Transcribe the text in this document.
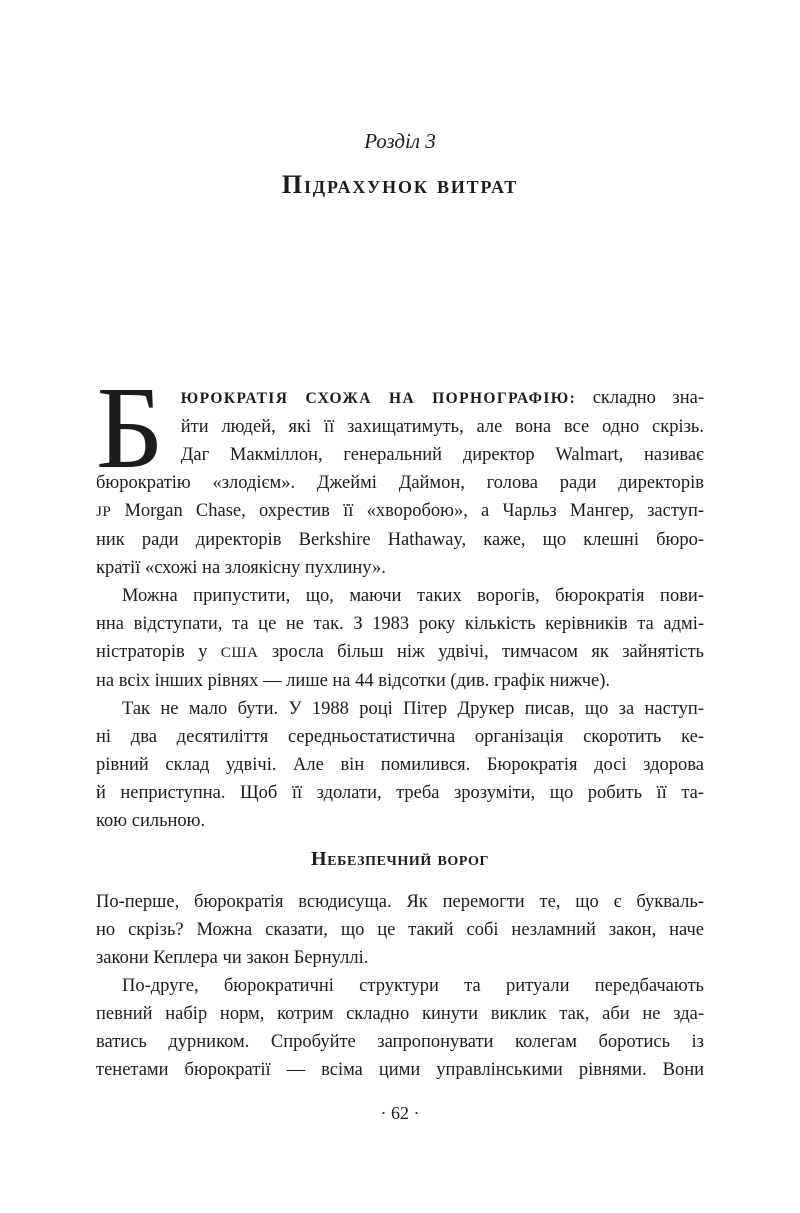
Розділ 3
Підрахунок витрат
Б	ЮРОКРАТІЯ СХОЖА НА ПОРНОГРАФІЮ: складно зна-
йти людей, які її захищатимуть, але вона все одно скрізь.
Даг Макміллон, генеральний директор Walmart, називає
бюрократію «злодієм». Джеймі Даймон, голова ради директорів
JP Morgan Chase, охрестив її «хворобою», а Чарльз Мангер, заступ-
ник ради директорів Berkshire Hathaway, каже, що клешні бюро-
кратії «схожі на злоякісну пухлину».
Можна припустити, що, маючи таких ворогів, бюрократія пови-
нна відступати, та це не так. З 1983 року кількість керівників та адмі-
ністраторів у США зросла більш ніж удвічі, тимчасом як зайнятість
на всіх інших рівнях — лише на 44 відсотки (див. графік нижче).
Так не мало бути. У 1988 році Пітер Друкер писав, що за наступ-
ні два десятиліття середньостатистична організація скоротить ке-
рівний склад удвічі. Але він помилився. Бюрократія досі здорова
й неприступна. Щоб її здолати, треба зрозуміти, що робить її та-
кою сильною.
Небезпечний ворог
По-перше, бюрократія всюдисуща. Як перемогти те, що є букваль-
но скрізь? Можна сказати, що це такий собі незламний закон, наче
закони Кеплера чи закон Бернуллі.
По-друге, бюрократичні структури та ритуали передбачають
певний набір норм, котрим складно кинути виклик так, аби не зда-
ватись дурником. Спробуйте запропонувати колегам боротись із
тенетами бюрократії — всіма цими управлінськими рівнями. Вони
· 62 ·
